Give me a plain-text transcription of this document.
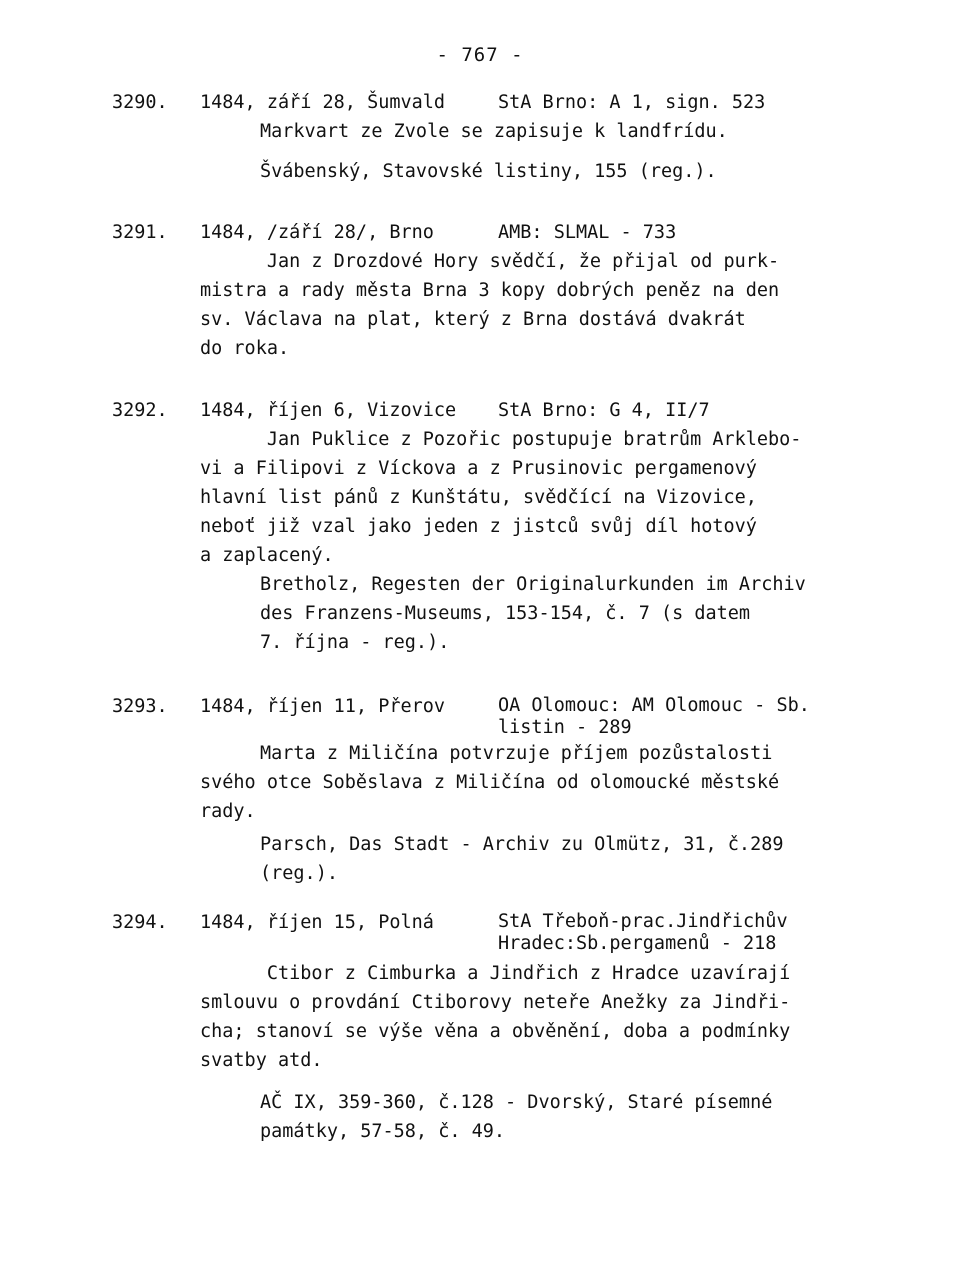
- 767 -
3290. 1484, září 28, Šumvald	StA Brno: A 1, sign. 523
Markvart ze Zvole se zapisuje k landfrídu.
Švábenský, Stavovské listiny, 155 (reg.).
3291. 1484, /září 28/, Brno	AMB: SLMAL - 733
Jan z Drozdové Hory svědčí, že přijal od purk-
mistra a rady města Brna 3 kopy dobrých peněz na den
sv. Václava na plat, který z Brna dostává dvakrát
do roka.
3292. 1484, říjen 6, Vizovice StA Brno: G 4, II/7
Jan Puklice z Pozořic postupuje bratrům Arklebo-
vi a Filipovi z Víckova a z Prusinovic pergamenový
hlavní list pánů z Kunštátu, svědčící na Vizovice,
neboť již vzal jako jeden z jistců svůj díl hotový
a zaplacený.
Bretholz, Regesten der Originalurkunden im Archiv
des Franzens-Museums, 153-154, č. 7 (s datem
7. října - reg.).
3293. 1484, říjen 11, Přerov	OA Olomouc: AM Olomouc - Sb.
listin - 289
Marta z Miličína potvrzuje příjem pozůstalosti
svého otce Soběslava z Miličína od olomoucké městské
rady.
Parsch, Das Stadt - Archiv zu Olmütz, 31, č.289
(reg.).
3294. 1484, říjen 15, Polná	StA Třeboň-prac.Jindřichův
Hradec:Sb.pergamenů - 218
Ctibor z Cimburka a Jindřich z Hradce uzavírají
smlouvu o provdání Ctiborovy neteře Anežky za Jindři-
cha; stanoví se výše věna a obvěnění, doba a podmínky
svatby atd.
AČ IX, 359-360, č.128 - Dvorský, Staré písemné
památky, 57-58, č. 49.
